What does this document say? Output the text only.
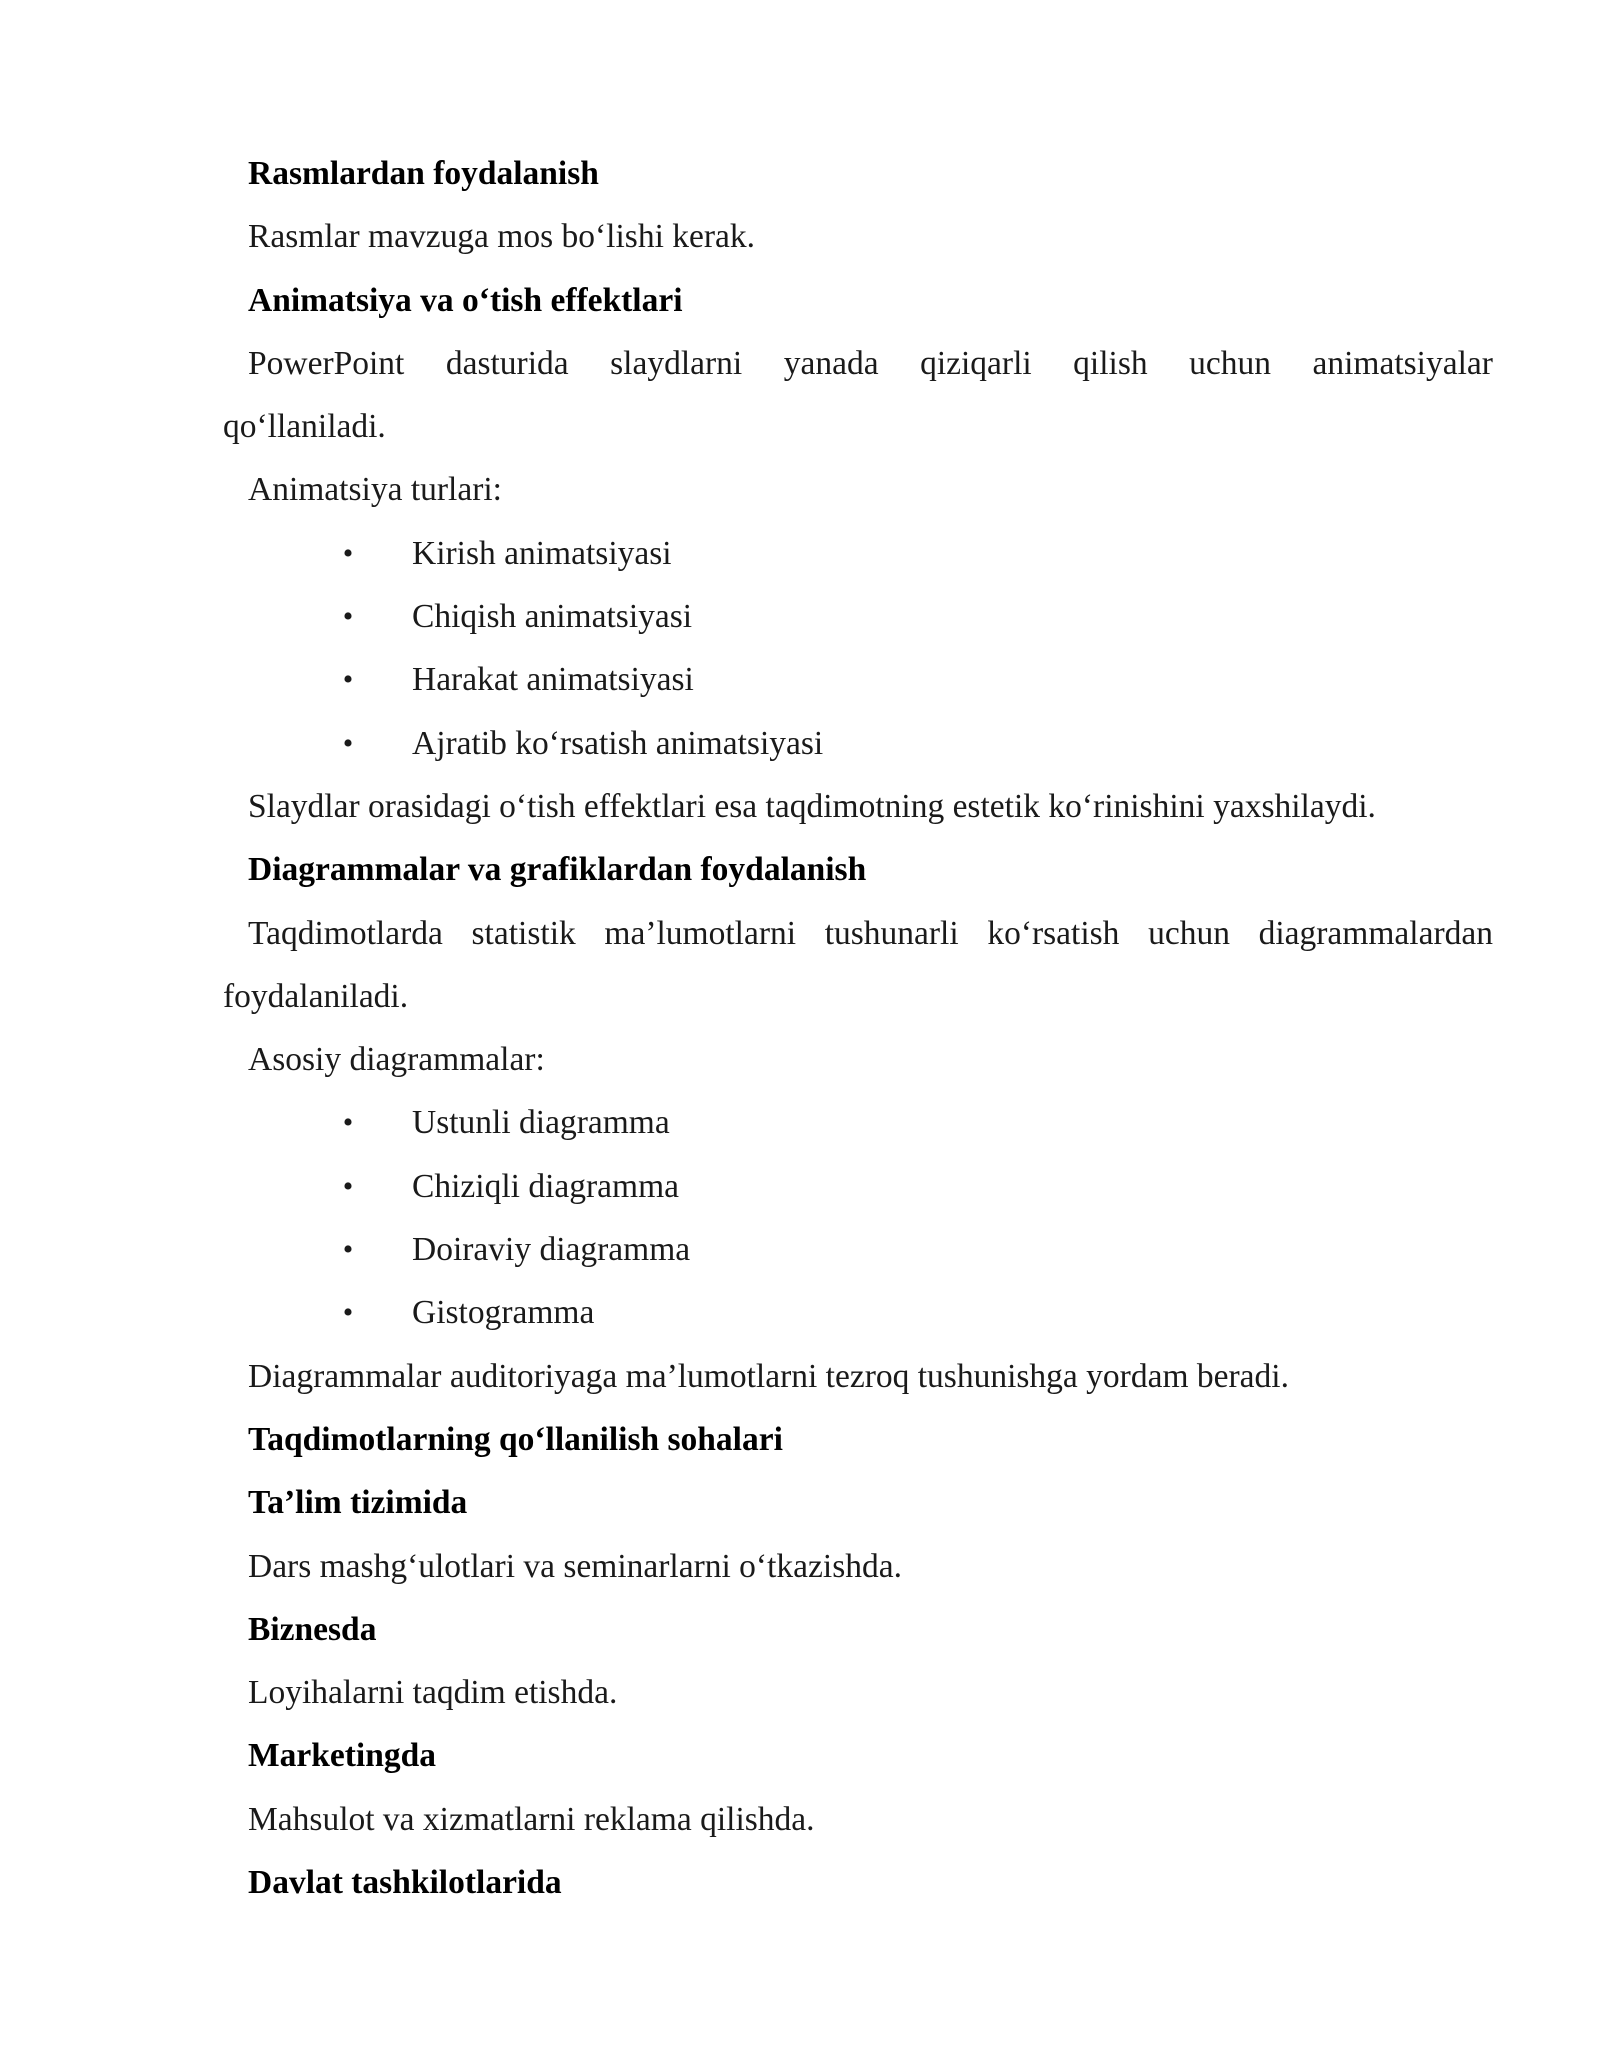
Rasmlardan foydalanish
Rasmlar mavzuga mos bo‘lishi kerak.
Animatsiya va o‘tish effektlari
PowerPoint dasturida slaydlarni yanada qiziqarli qilish uchun animatsiyalar
qo‘llaniladi.
Animatsiya turlari:
• Kirish animatsiyasi
• Chiqish animatsiyasi
• Harakat animatsiyasi
• Ajratib ko‘rsatish animatsiyasi
Slaydlar orasidagi o‘tish effektlari esa taqdimotning estetik ko‘rinishini yaxshilaydi.
Diagrammalar va grafiklardan foydalanish
Taqdimotlarda statistik ma’lumotlarni tushunarli ko‘rsatish uchun diagrammalardan
foydalaniladi.
Asosiy diagrammalar:
• Ustunli diagramma
• Chiziqli diagramma
• Doiraviy diagramma
• Gistogramma
Diagrammalar auditoriyaga ma’lumotlarni tezroq tushunishga yordam beradi.
Taqdimotlarning qo‘llanilish sohalari
Ta’lim tizimida
Dars mashg‘ulotlari va seminarlarni o‘tkazishda.
Biznesda
Loyihalarni taqdim etishda.
Marketingda
Mahsulot va xizmatlarni reklama qilishda.
Davlat tashkilotlarida
